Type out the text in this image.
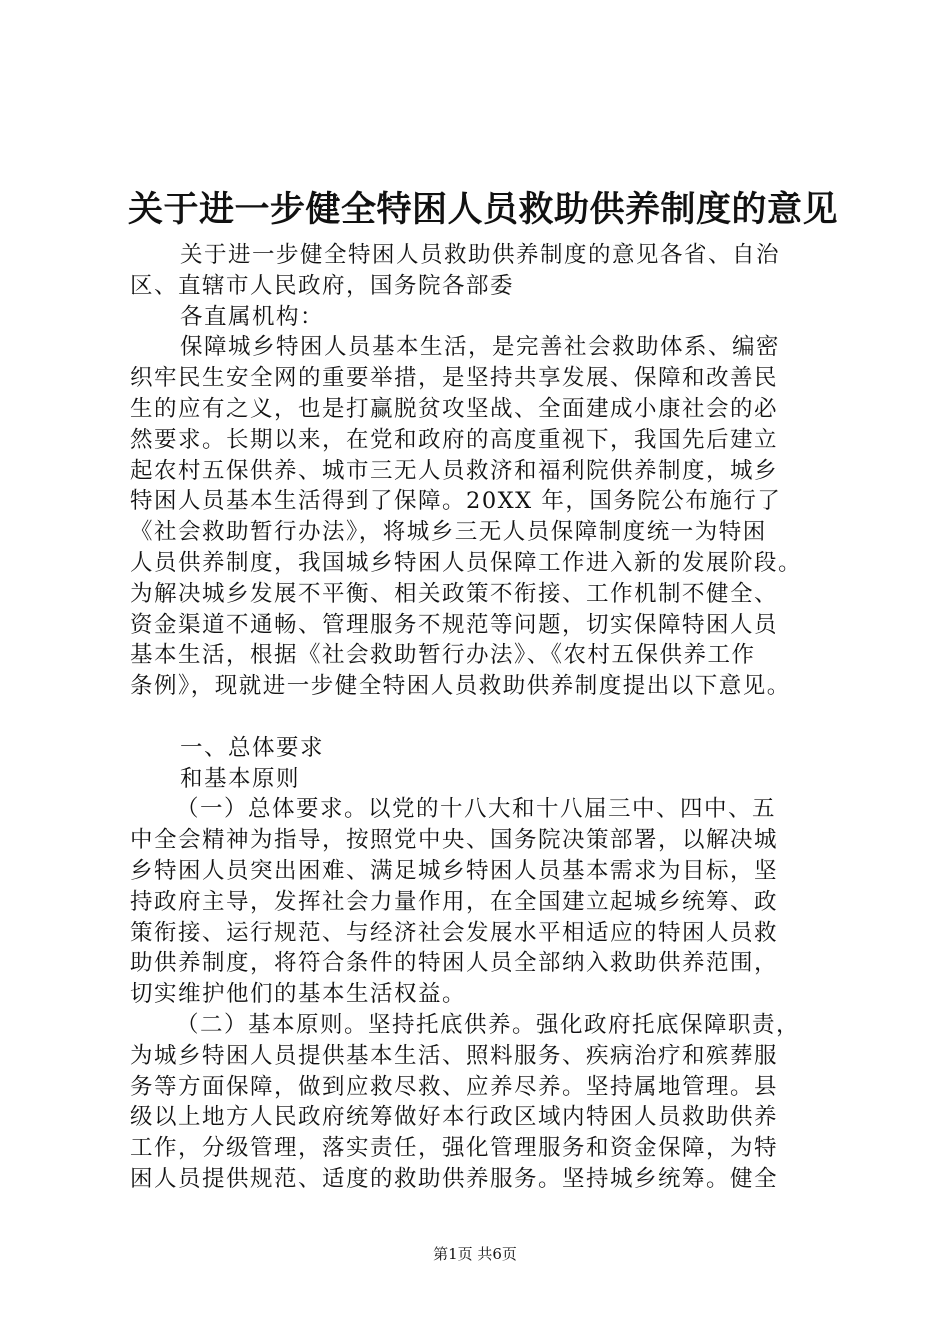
关于进一步健全特困人员救助供养制度的意见
关于进一步健全特困人员救助供养制度的意见各省、自治
区、直辖市人民政府，国务院各部委
各直属机构：
保障城乡特困人员基本生活，是完善社会救助体系、编密
织牢民生安全网的重要举措，是坚持共享发展、保障和改善民
生的应有之义，也是打赢脱贫攻坚战、全面建成小康社会的必
然要求。长期以来，在党和政府的高度重视下，我国先后建立
起农村五保供养、城市三无人员救济和福利院供养制度，城乡
特困人员基本生活得到了保障。20XX 年，国务院公布施行了
《社会救助暂行办法》，将城乡三无人员保障制度统一为特困
人员供养制度，我国城乡特困人员保障工作进入新的发展阶段。
为解决城乡发展不平衡、相关政策不衔接、工作机制不健全、
资金渠道不通畅、管理服务不规范等问题，切实保障特困人员
基本生活，根据《社会救助暂行办法》、《农村五保供养工作
条例》，现就进一步健全特困人员救助供养制度提出以下意见。
一、总体要求
和基本原则
（一）总体要求。以党的十八大和十八届三中、四中、五
中全会精神为指导，按照党中央、国务院决策部署，以解决城
乡特困人员突出困难、满足城乡特困人员基本需求为目标，坚
持政府主导，发挥社会力量作用，在全国建立起城乡统筹、政
策衔接、运行规范、与经济社会发展水平相适应的特困人员救
助供养制度，将符合条件的特困人员全部纳入救助供养范围，
切实维护他们的基本生活权益。
（二）基本原则。坚持托底供养。强化政府托底保障职责，
为城乡特困人员提供基本生活、照料服务、疾病治疗和殡葬服
务等方面保障，做到应救尽救、应养尽养。坚持属地管理。县
级以上地方人民政府统筹做好本行政区域内特困人员救助供养
工作，分级管理，落实责任，强化管理服务和资金保障，为特
困人员提供规范、适度的救助供养服务。坚持城乡统筹。健全
第1页 共6页
